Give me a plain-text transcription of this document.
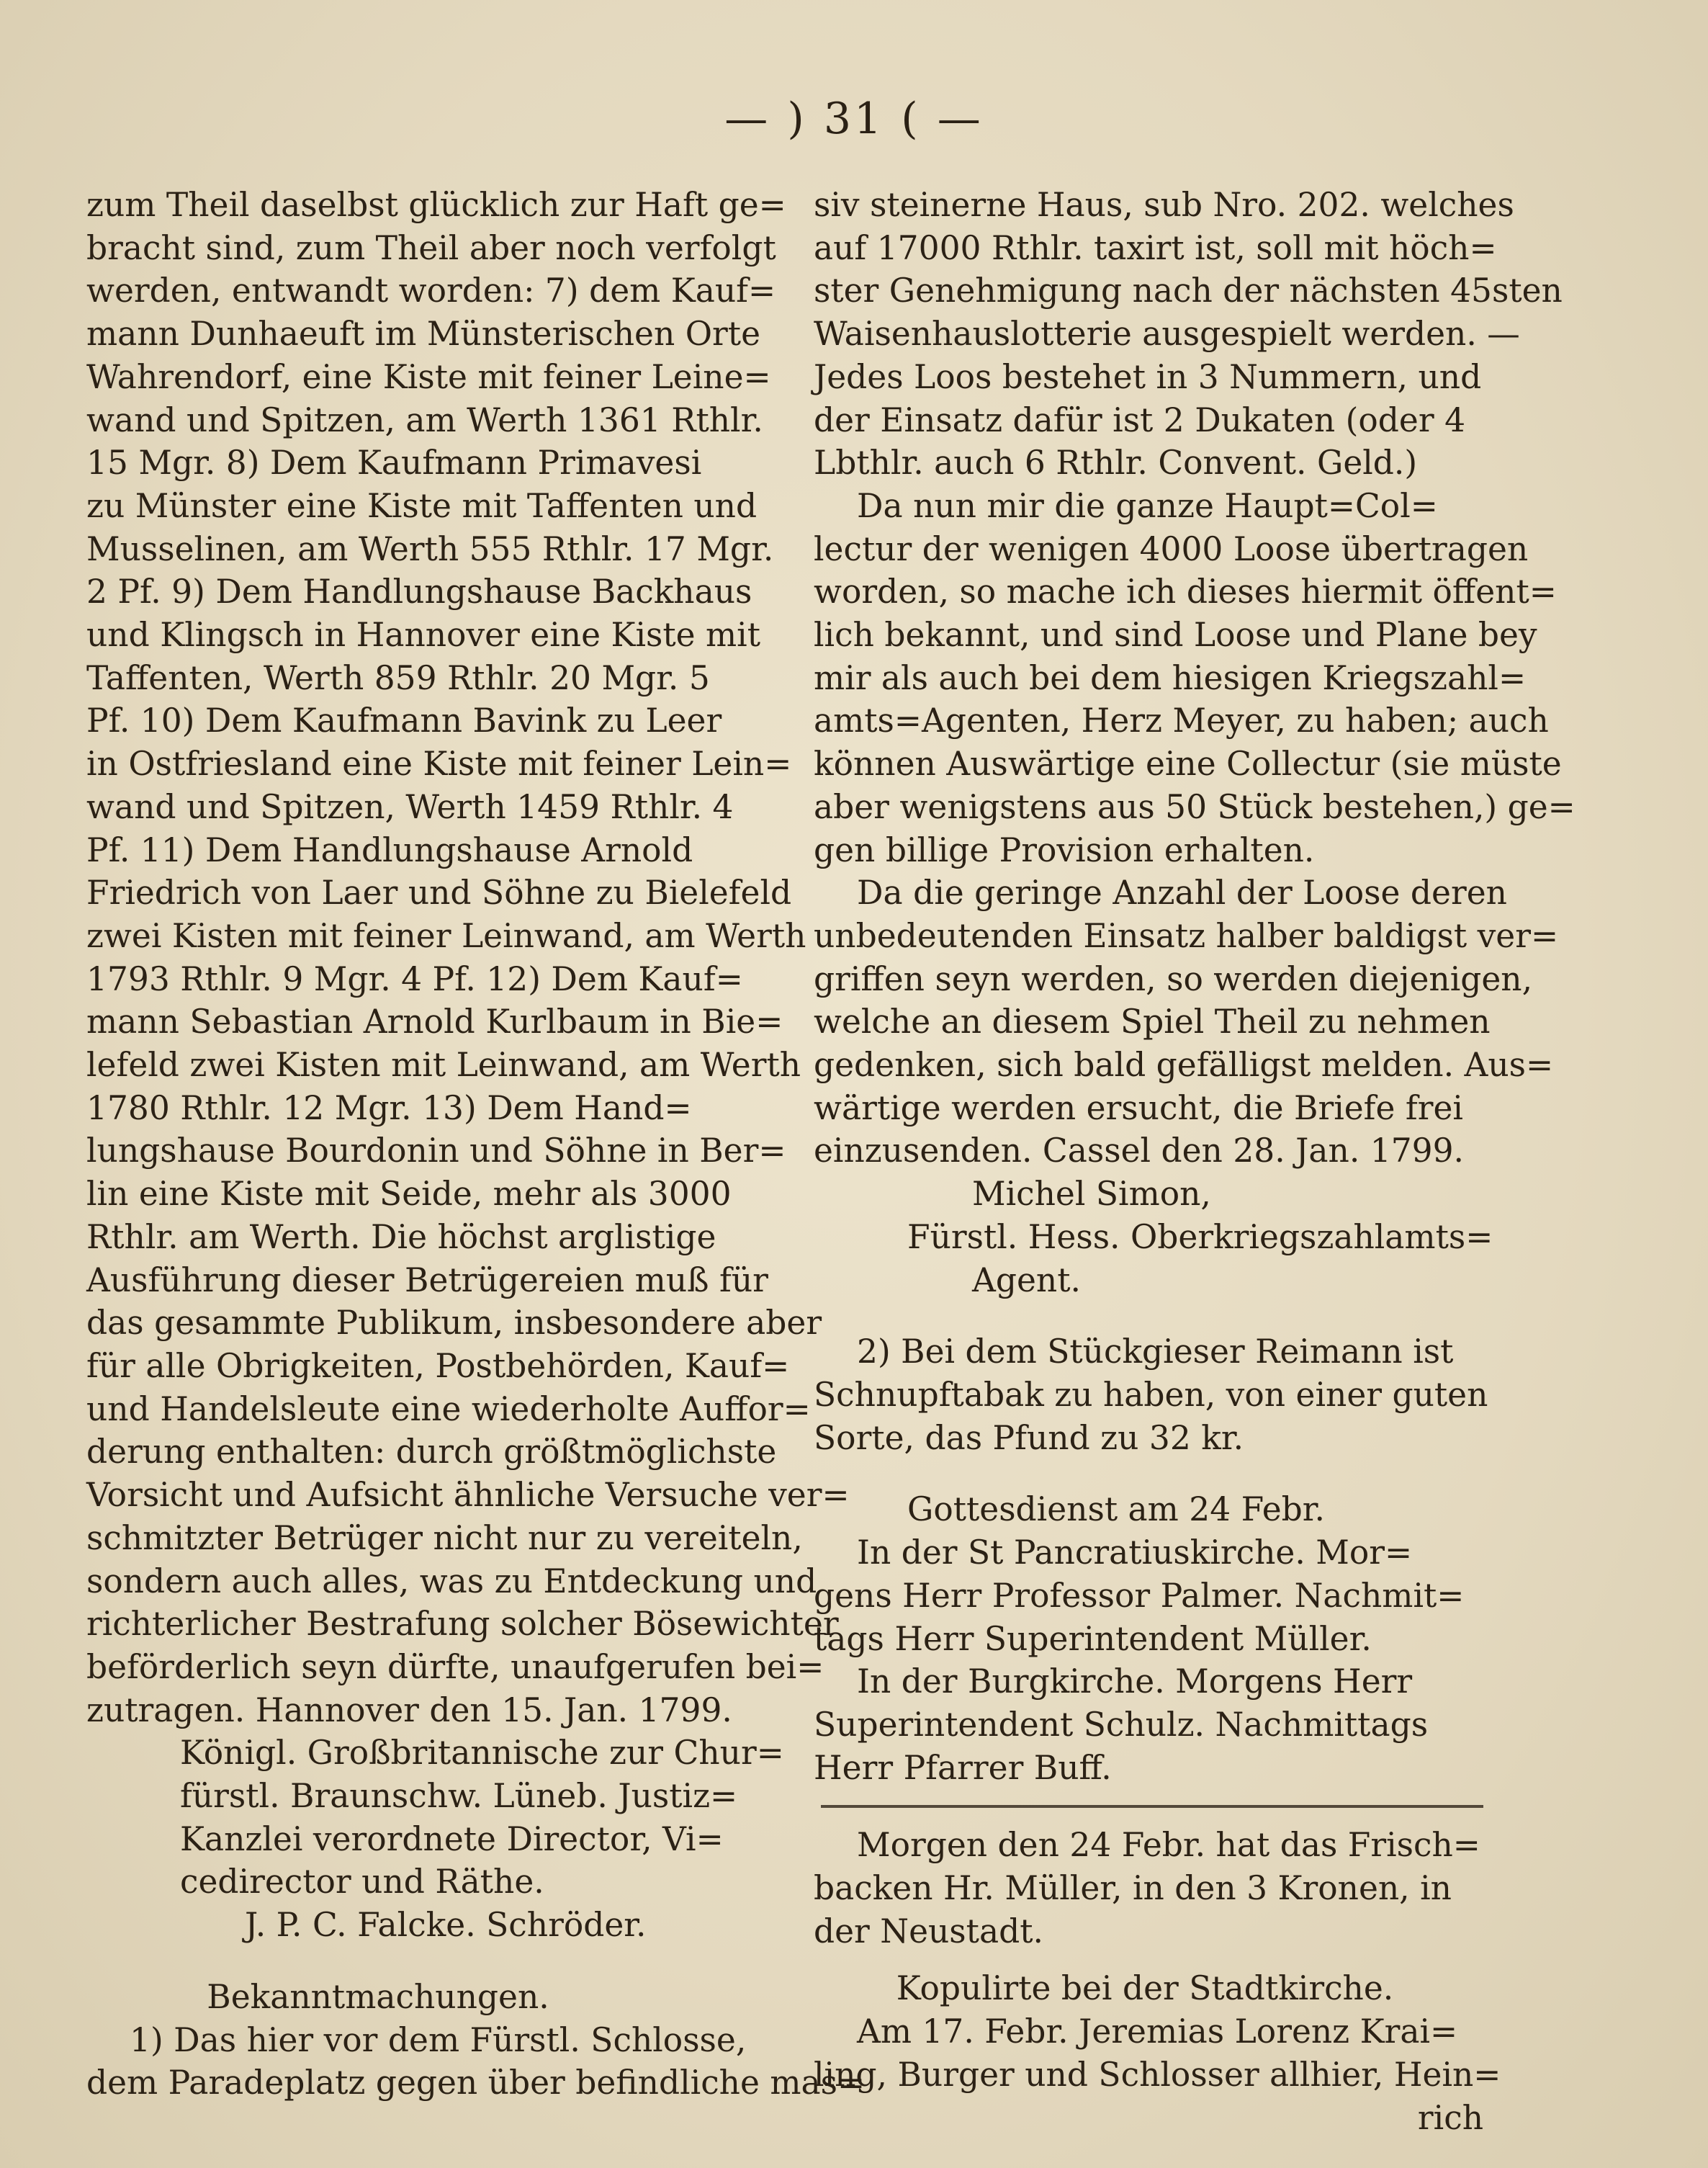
— ) 31 ( —
zum Theil daselbst glücklich zur Haft ge=
bracht sind, zum Theil aber noch verfolgt
werden, entwandt worden: 7) dem Kauf=
mann Dunhaeuft im Münsterischen Orte
Wahrendorf, eine Kiste mit feiner Leine=
wand und Spitzen, am Werth 1361 Rthlr.
15 Mgr. 8) Dem Kaufmann Primavesi
zu Münster eine Kiste mit Taffenten und
Musselinen, am Werth 555 Rthlr. 17 Mgr.
2 Pf. 9) Dem Handlungshause Backhaus
und Klingsch in Hannover eine Kiste mit
Taffenten, Werth 859 Rthlr. 20 Mgr. 5
Pf. 10) Dem Kaufmann Bavink zu Leer
in Ostfriesland eine Kiste mit feiner Lein=
wand und Spitzen, Werth 1459 Rthlr. 4
Pf. 11) Dem Handlungshause Arnold
Friedrich von Laer und Söhne zu Bielefeld
zwei Kisten mit feiner Leinwand, am Werth
1793 Rthlr. 9 Mgr. 4 Pf. 12) Dem Kauf=
mann Sebastian Arnold Kurlbaum in Bie=
lefeld zwei Kisten mit Leinwand, am Werth
1780 Rthlr. 12 Mgr. 13) Dem Hand=
lungshause Bourdonin und Söhne in Ber=
lin eine Kiste mit Seide, mehr als 3000
Rthlr. am Werth. Die höchst arglistige
Ausführung dieser Betrügereien muß für
das gesammte Publikum, insbesondere aber
für alle Obrigkeiten, Postbehörden, Kauf=
und Handelsleute eine wiederholte Auffor=
derung enthalten: durch größtmöglichste
Vorsicht und Aufsicht ähnliche Versuche ver=
schmitzter Betrüger nicht nur zu vereiteln,
sondern auch alles, was zu Entdeckung und
richterlicher Bestrafung solcher Bösewichter
beförderlich seyn dürfte, unaufgerufen bei=
zutragen. Hannover den 15. Jan. 1799.
Königl. Großbritannische zur Chur=
fürstl. Braunschw. Lüneb. Justiz=
Kanzlei verordnete Director, Vi=
cedirector und Räthe.
J. P. C. Falcke. Schröder.
Bekanntmachungen.
1) Das hier vor dem Fürstl. Schlosse,
dem Paradeplatz gegen über befindliche mas=
siv steinerne Haus, sub Nro. 202. welches
auf 17000 Rthlr. taxirt ist, soll mit höch=
ster Genehmigung nach der nächsten 45sten
Waisenhauslotterie ausgespielt werden. —
Jedes Loos bestehet in 3 Nummern, und
der Einsatz dafür ist 2 Dukaten (oder 4
Lbthlr. auch 6 Rthlr. Convent. Geld.)
Da nun mir die ganze Haupt=Col=
lectur der wenigen 4000 Loose übertragen
worden, so mache ich dieses hiermit öffent=
lich bekannt, und sind Loose und Plane bey
mir als auch bei dem hiesigen Kriegszahl=
amts=Agenten, Herz Meyer, zu haben; auch
können Auswärtige eine Collectur (sie müste
aber wenigstens aus 50 Stück bestehen,) ge=
gen billige Provision erhalten.
Da die geringe Anzahl der Loose deren
unbedeutenden Einsatz halber baldigst ver=
griffen seyn werden, so werden diejenigen,
welche an diesem Spiel Theil zu nehmen
gedenken, sich bald gefälligst melden. Aus=
wärtige werden ersucht, die Briefe frei
einzusenden. Cassel den 28. Jan. 1799.
Michel Simon,
Fürstl. Hess. Oberkriegszahlamts=
Agent.
2) Bei dem Stückgieser Reimann ist
Schnupftabak zu haben, von einer guten
Sorte, das Pfund zu 32 kr.
Gottesdienst am 24 Febr.
In der St Pancratiuskirche. Mor=
gens Herr Professor Palmer. Nachmit=
tags Herr Superintendent Müller.
In der Burgkirche. Morgens Herr
Superintendent Schulz. Nachmittags
Herr Pfarrer Buff.
Morgen den 24 Febr. hat das Frisch=
backen Hr. Müller, in den 3 Kronen, in
der Neustadt.
Kopulirte bei der Stadtkirche.
Am 17. Febr. Jeremias Lorenz Krai=
ling, Burger und Schlosser allhier, Hein=
rich
